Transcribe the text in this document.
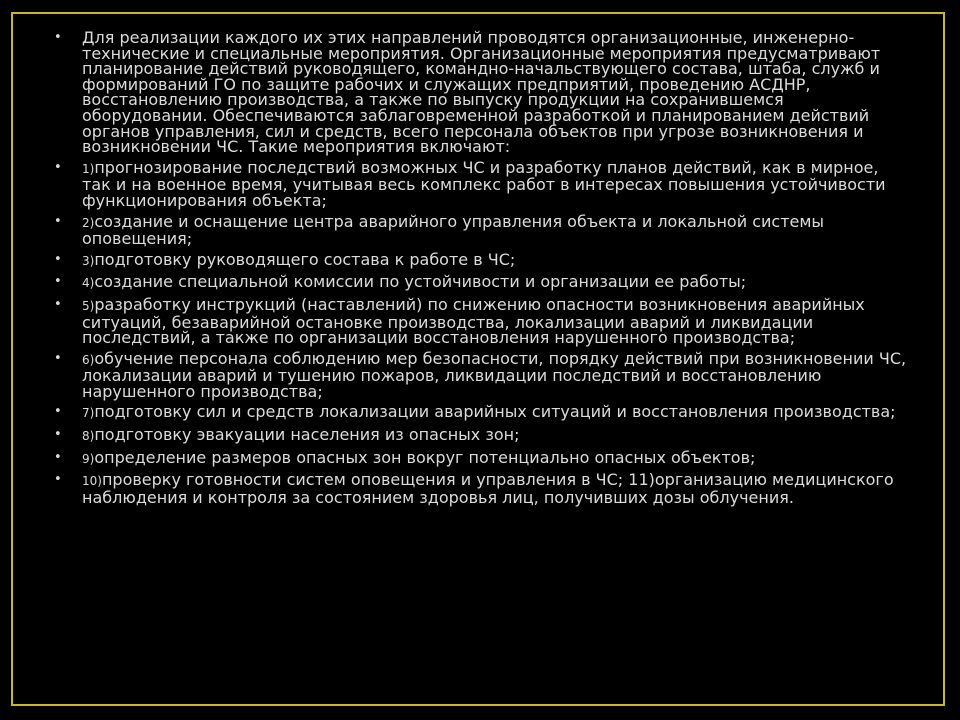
• Для реализации каждого их этих направлений проводятся организационные, инженерно-технические и специальные мероприятия. Организационные мероприятия предусматривают планирование действий руководящего, командно-начальствующего состава, штаба, служб и формирований ГО по защите рабочих и служащих предприятий, проведению АСДНР, восстановлению производства, а также по выпуску продукции на сохранившемся оборудовании. Обеспечиваются заблаговременной разработкой и планированием действий органов управления, сил и средств, всего персонала объектов при угрозе возникновения и возникновении ЧС. Такие мероприятия включают:
• 1)прогнозирование последствий возможных ЧС и разработку планов действий, как в мирное, так и на военное время, учитывая весь комплекс работ в интересах повышения устойчивости функционирования объекта;
• 2)создание и оснащение центра аварийного управления объекта и локальной системы оповещения;
• 3)подготовку руководящего состава к работе в ЧС;
• 4)создание специальной комиссии по устойчивости и организации ее работы;
• 5)разработку инструкций (наставлений) по снижению опасности возникновения аварийных ситуаций, безаварийной остановке производства, локализации аварий и ликвидации последствий, а также по организации восстановления нарушенного производства;
• 6)обучение персонала соблюдению мер безопасности, порядку действий при возникновении ЧС, локализации аварий и тушению пожаров, ликвидации последствий и восстановлению нарушенного производства;
• 7)подготовку сил и средств локализации аварийных ситуаций и восстановления производства;
• 8)подготовку эвакуации населения из опасных зон;
• 9)определение размеров опасных зон вокруг потенциально опасных объектов;
• 10)проверку готовности систем оповещения и управления в ЧС; 11)организацию медицинского наблюдения и контроля за состоянием здоровья лиц, получивших дозы облучения.
